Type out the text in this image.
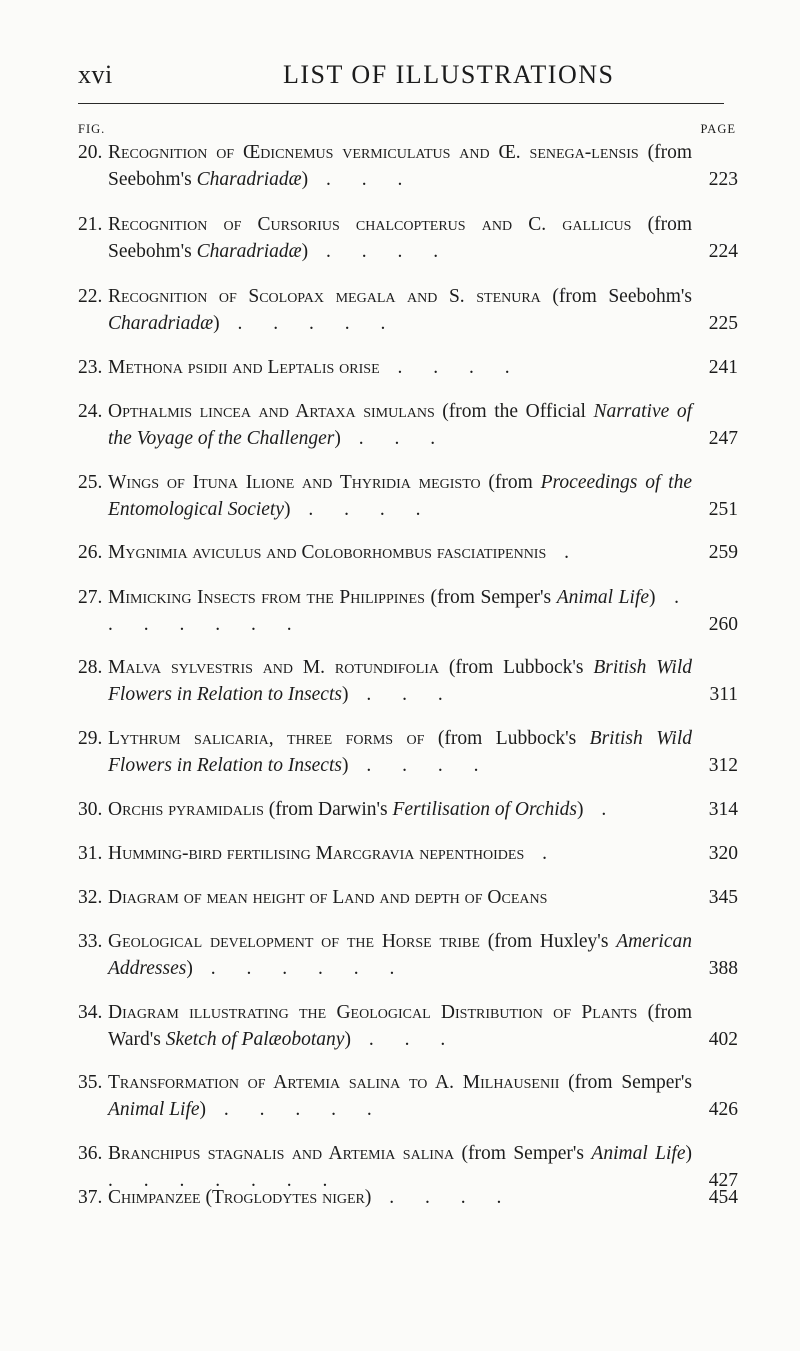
xvi	LIST OF ILLUSTRATIONS
FIG.	PAGE
20. Recognition of Œdicnemus vermiculatus and Œ. senega-lensis (from Seebohm's Charadriadæ) . . .	223
21. Recognition of Cursorius chalcopterus and C. gallicus (from Seebohm's Charadriadæ) . . . .	224
22. Recognition of Scolopax megala and S. stenura (from Seebohm's Charadriadæ) . . . . .	225
23. Methona psidii and Leptalis orise . . . .	241
24. Opthalmis lincea and Artaxa simulans (from the Official Narrative of the Voyage of the Challenger) . . .	247
25. Wings of Ituna Ilione and Thyridia megisto (from Proceedings of the Entomological Society) . . . .	251
26. Mygnimia aviculus and Coloborhombus fasciatipennis .	259
27. Mimicking Insects from the Philippines (from Semper's Animal Life) . . . . . . .	260
28. Malva sylvestris and M. rotundifolia (from Lubbock's British Wild Flowers in Relation to Insects) . . .	311
29. Lythrum salicaria, three forms of (from Lubbock's British Wild Flowers in Relation to Insects) . . . .	312
30. Orchis pyramidalis (from Darwin's Fertilisation of Orchids) .	314
31. Humming-bird fertilising Marcgravia nepenthoides .	320
32. Diagram of mean height of Land and depth of Oceans	345
33. Geological development of the Horse tribe (from Huxley's American Addresses) . . . . . .	388
34. Diagram illustrating the Geological Distribution of Plants (from Ward's Sketch of Palæobotany) . . .	402
35. Transformation of Artemia salina to A. Milhausenii (from Semper's Animal Life) . . . . .	426
36. Branchipus stagnalis and Artemia salina (from Semper's Animal Life) . . . . . . .	427
37. Chimpanzee (Troglodytes niger) . . . .	454
